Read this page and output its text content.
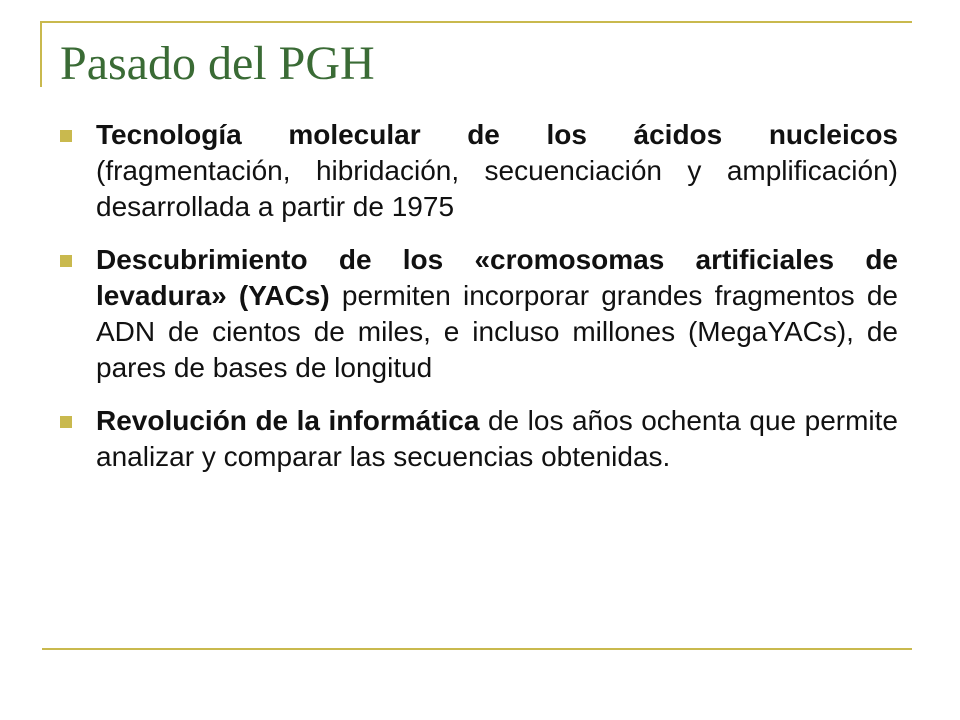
Pasado del PGH
Tecnología molecular de los ácidos nucleicos (fragmentación, hibridación, secuenciación y amplificación) desarrollada a partir de 1975
Descubrimiento de los «cromosomas artificiales de levadura» (YACs) permiten incorporar grandes fragmentos de ADN de cientos de miles, e incluso millones (MegaYACs), de pares de bases de longitud
Revolución de la informática de los años ochenta que permite analizar y comparar las secuencias obtenidas.
